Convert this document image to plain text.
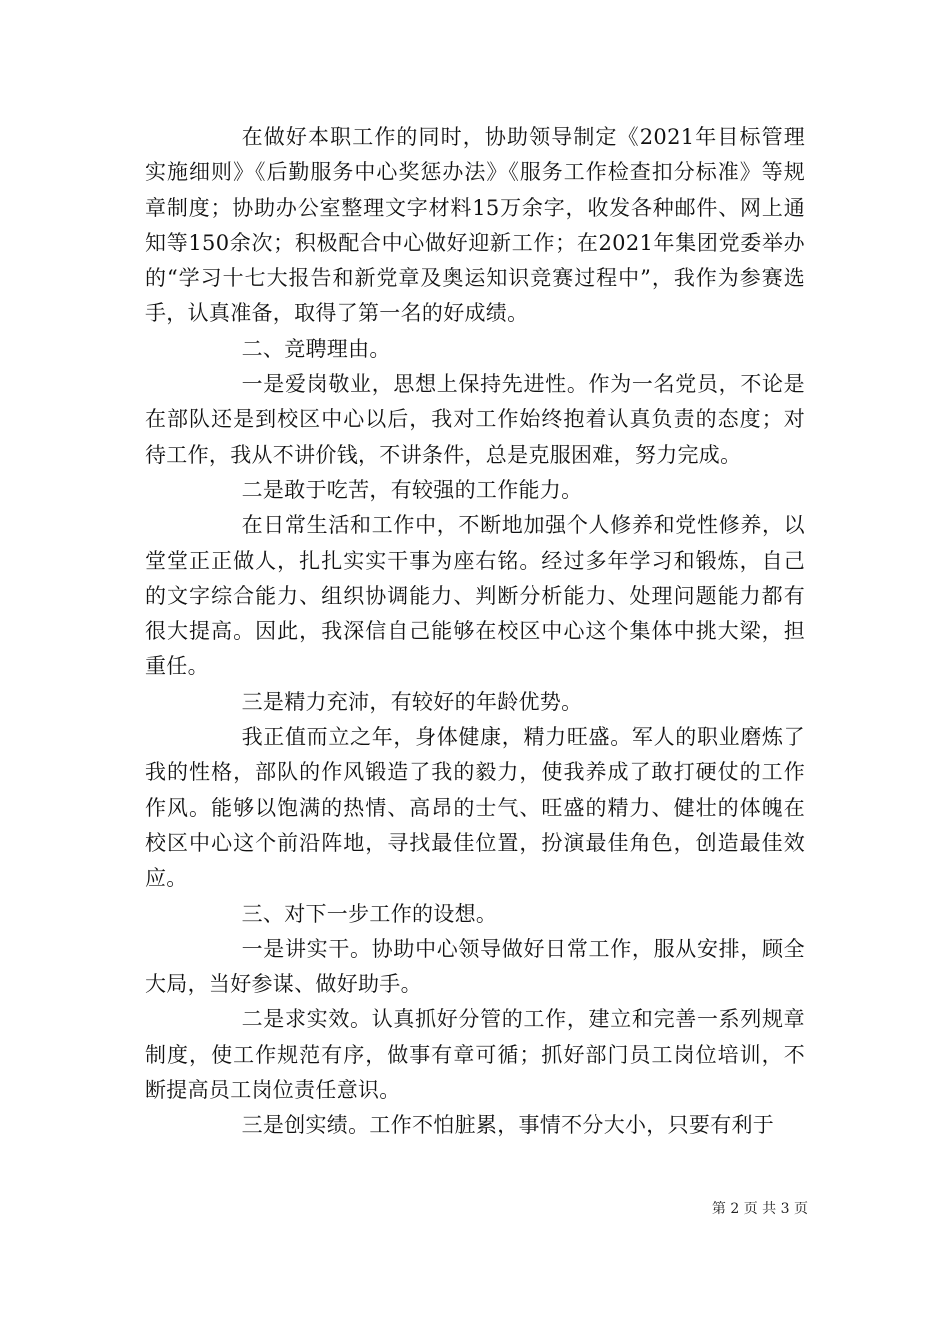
在做好本职工作的同时，协助领导制定《2021年目标管理实施细则》《后勤服务中心奖惩办法》《服务工作检查扣分标准》等规章制度；协助办公室整理文字材料15万余字，收发各种邮件、网上通知等150余次；积极配合中心做好迎新工作；在2021年集团党委举办的“学习十七大报告和新党章及奥运知识竞赛过程中”，我作为参赛选手，认真准备，取得了第一名的好成绩。

二、竞聘理由。

一是爱岗敬业，思想上保持先进性。作为一名党员，不论是在部队还是到校区中心以后，我对工作始终抱着认真负责的态度；对待工作，我从不讲价钱，不讲条件，总是克服困难，努力完成。

二是敢于吃苦，有较强的工作能力。

在日常生活和工作中，不断地加强个人修养和党性修养，以堂堂正正做人，扎扎实实干事为座右铭。经过多年学习和锻炼，自己的文字综合能力、组织协调能力、判断分析能力、处理问题能力都有很大提高。因此，我深信自己能够在校区中心这个集体中挑大梁，担重任。

三是精力充沛，有较好的年龄优势。

我正值而立之年，身体健康，精力旺盛。军人的职业磨炼了我的性格，部队的作风锻造了我的毅力，使我养成了敢打硬仗的工作作风。能够以饱满的热情、高昂的士气、旺盛的精力、健壮的体魄在校区中心这个前沿阵地，寻找最佳位置，扮演最佳角色，创造最佳效应。

三、对下一步工作的设想。

一是讲实干。协助中心领导做好日常工作，服从安排，顾全大局，当好参谋、做好助手。

二是求实效。认真抓好分管的工作，建立和完善一系列规章制度，使工作规范有序，做事有章可循；抓好部门员工岗位培训，不断提高员工岗位责任意识。

三是创实绩。工作不怕脏累，事情不分大小，只要有利于

第 2 页 共 3 页
